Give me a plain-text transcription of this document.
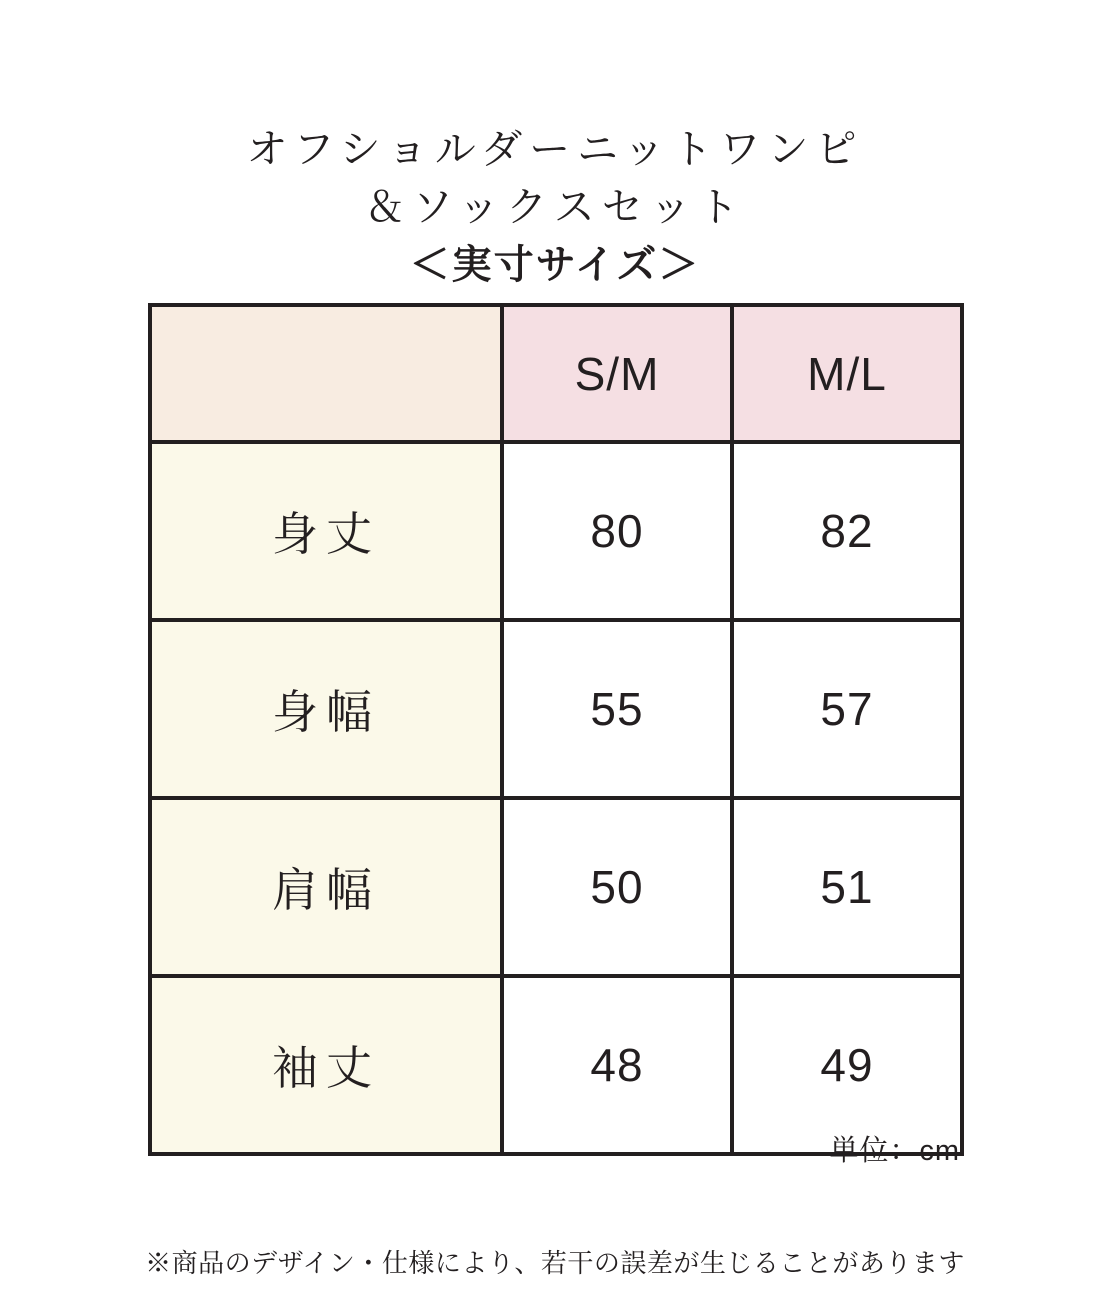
オフショルダーニットワンピ
＆ソックスセット
＜実寸サイズ＞
	S/M	M/L
身丈	80	82
身幅	55	57
肩幅	50	51
袖丈	48	49
単位：cm
※商品のデザイン・仕様により、若干の誤差が生じることがあります
